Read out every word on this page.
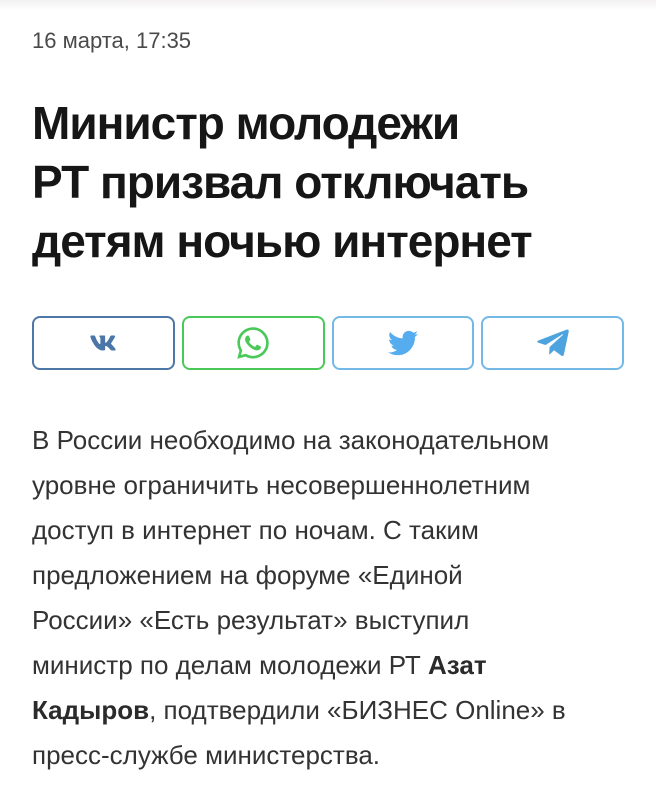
16 марта, 17:35
Министр молодежи
РТ призвал отключать
детям ночью интернет
В России необходимо на законодательном
уровне ограничить несовершеннолетним
доступ в интернет по ночам. С таким
предложением на форуме «Единой
России» «Есть результат» выступил
министр по делам молодежи РТ Азат
Кадыров, подтвердили «БИЗНЕС Online» в
пресс-службе министерства.
